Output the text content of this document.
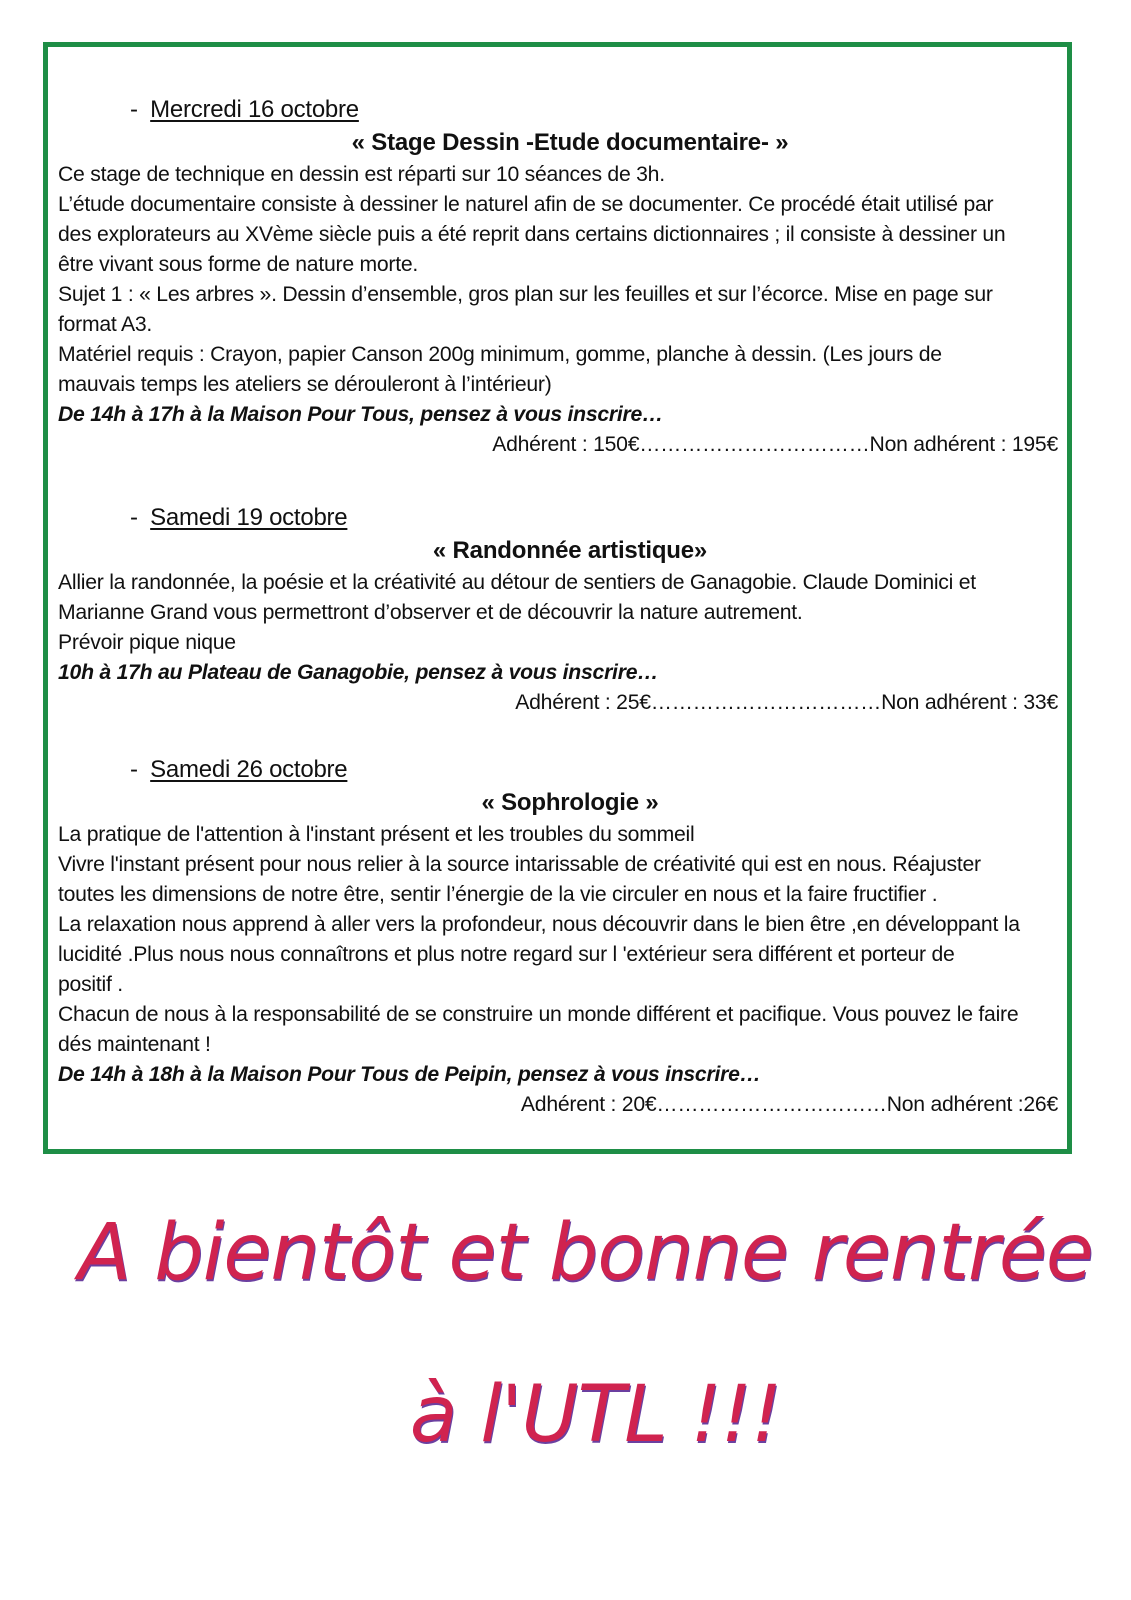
- Mercredi 16 octobre
« Stage Dessin -Etude documentaire- »

Ce stage de technique en dessin est réparti sur 10 séances de 3h.

L’étude documentaire consiste à dessiner le naturel afin de se documenter. Ce procédé était utilisé par

des explorateurs au XVème siècle puis a été reprit dans certains dictionnaires ; il consiste à dessiner un

être vivant sous forme de nature morte.

Sujet 1 : « Les arbres ». Dessin d’ensemble, gros plan sur les feuilles et sur l’écorce. Mise en page sur

format A3.

Matériel requis : Crayon, papier Canson 200g minimum, gomme, planche à dessin. (Les jours de

mauvais temps les ateliers se dérouleront à l’intérieur)

De 14h à 17h à la Maison Pour Tous, pensez à vous inscrire…

Adhérent : 150€……………………………Non adhérent : 195€

- Samedi 19 octobre
« Randonnée artistique»

Allier la randonnée, la poésie et la créativité au détour de sentiers de Ganagobie. Claude Dominici et

Marianne Grand vous permettront d’observer et de découvrir la nature autrement.

Prévoir pique nique

10h à 17h au Plateau de Ganagobie, pensez à vous inscrire…

Adhérent : 25€……………………………Non adhérent : 33€

- Samedi 26 octobre
« Sophrologie »

La pratique de l'attention à l'instant présent et les troubles du sommeil

Vivre l'instant présent pour nous relier à la source intarissable de créativité qui est en nous. Réajuster

toutes les dimensions de notre être, sentir l’énergie de la vie circuler en nous et la faire fructifier .

La relaxation nous apprend à aller vers la profondeur, nous découvrir dans le bien être ,en développant la

lucidité .Plus nous nous connaîtrons et plus notre regard sur l 'extérieur sera différent et porteur de

positif .

Chacun de nous à la responsabilité de se construire un monde différent et pacifique. Vous pouvez le faire

dés maintenant !

De 14h à 18h à la Maison Pour Tous de Peipin, pensez à vous inscrire…

Adhérent : 20€……………………………Non adhérent :26€

A bientôt et bonne rentrée
à l'UTL !!!
